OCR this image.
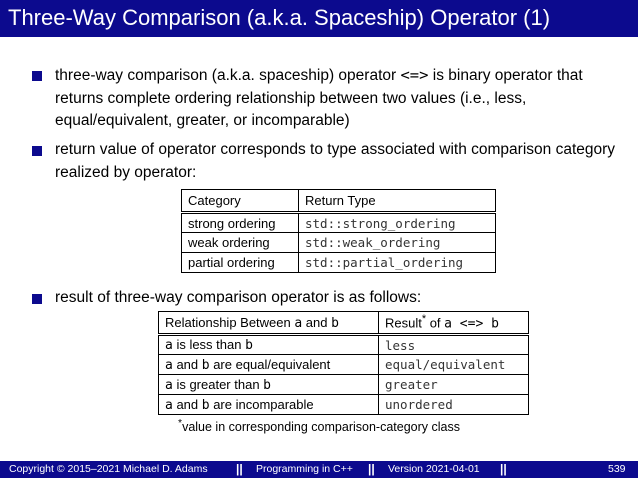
Three-Way Comparison (a.k.a. Spaceship) Operator (1)
three-way comparison (a.k.a. spaceship) operator <=> is binary operator that returns complete ordering relationship between two values (i.e., less, equal/equivalent, greater, or incomparable)
return value of operator corresponds to type associated with comparison category realized by operator:
Category	Return Type
strong ordering	std::strong_ordering
weak ordering	std::weak_ordering
partial ordering	std::partial_ordering
result of three-way comparison operator is as follows:
Relationship Between a and b	Result* of a <=> b
a is less than b	less
a and b are equal/equivalent	equal/equivalent
a is greater than b	greater
a and b are incomparable	unordered
*value in corresponding comparison-category class
Copyright © 2015–2021 Michael D. Adams || Programming in C++ || Version 2021-04-01 ||	539
